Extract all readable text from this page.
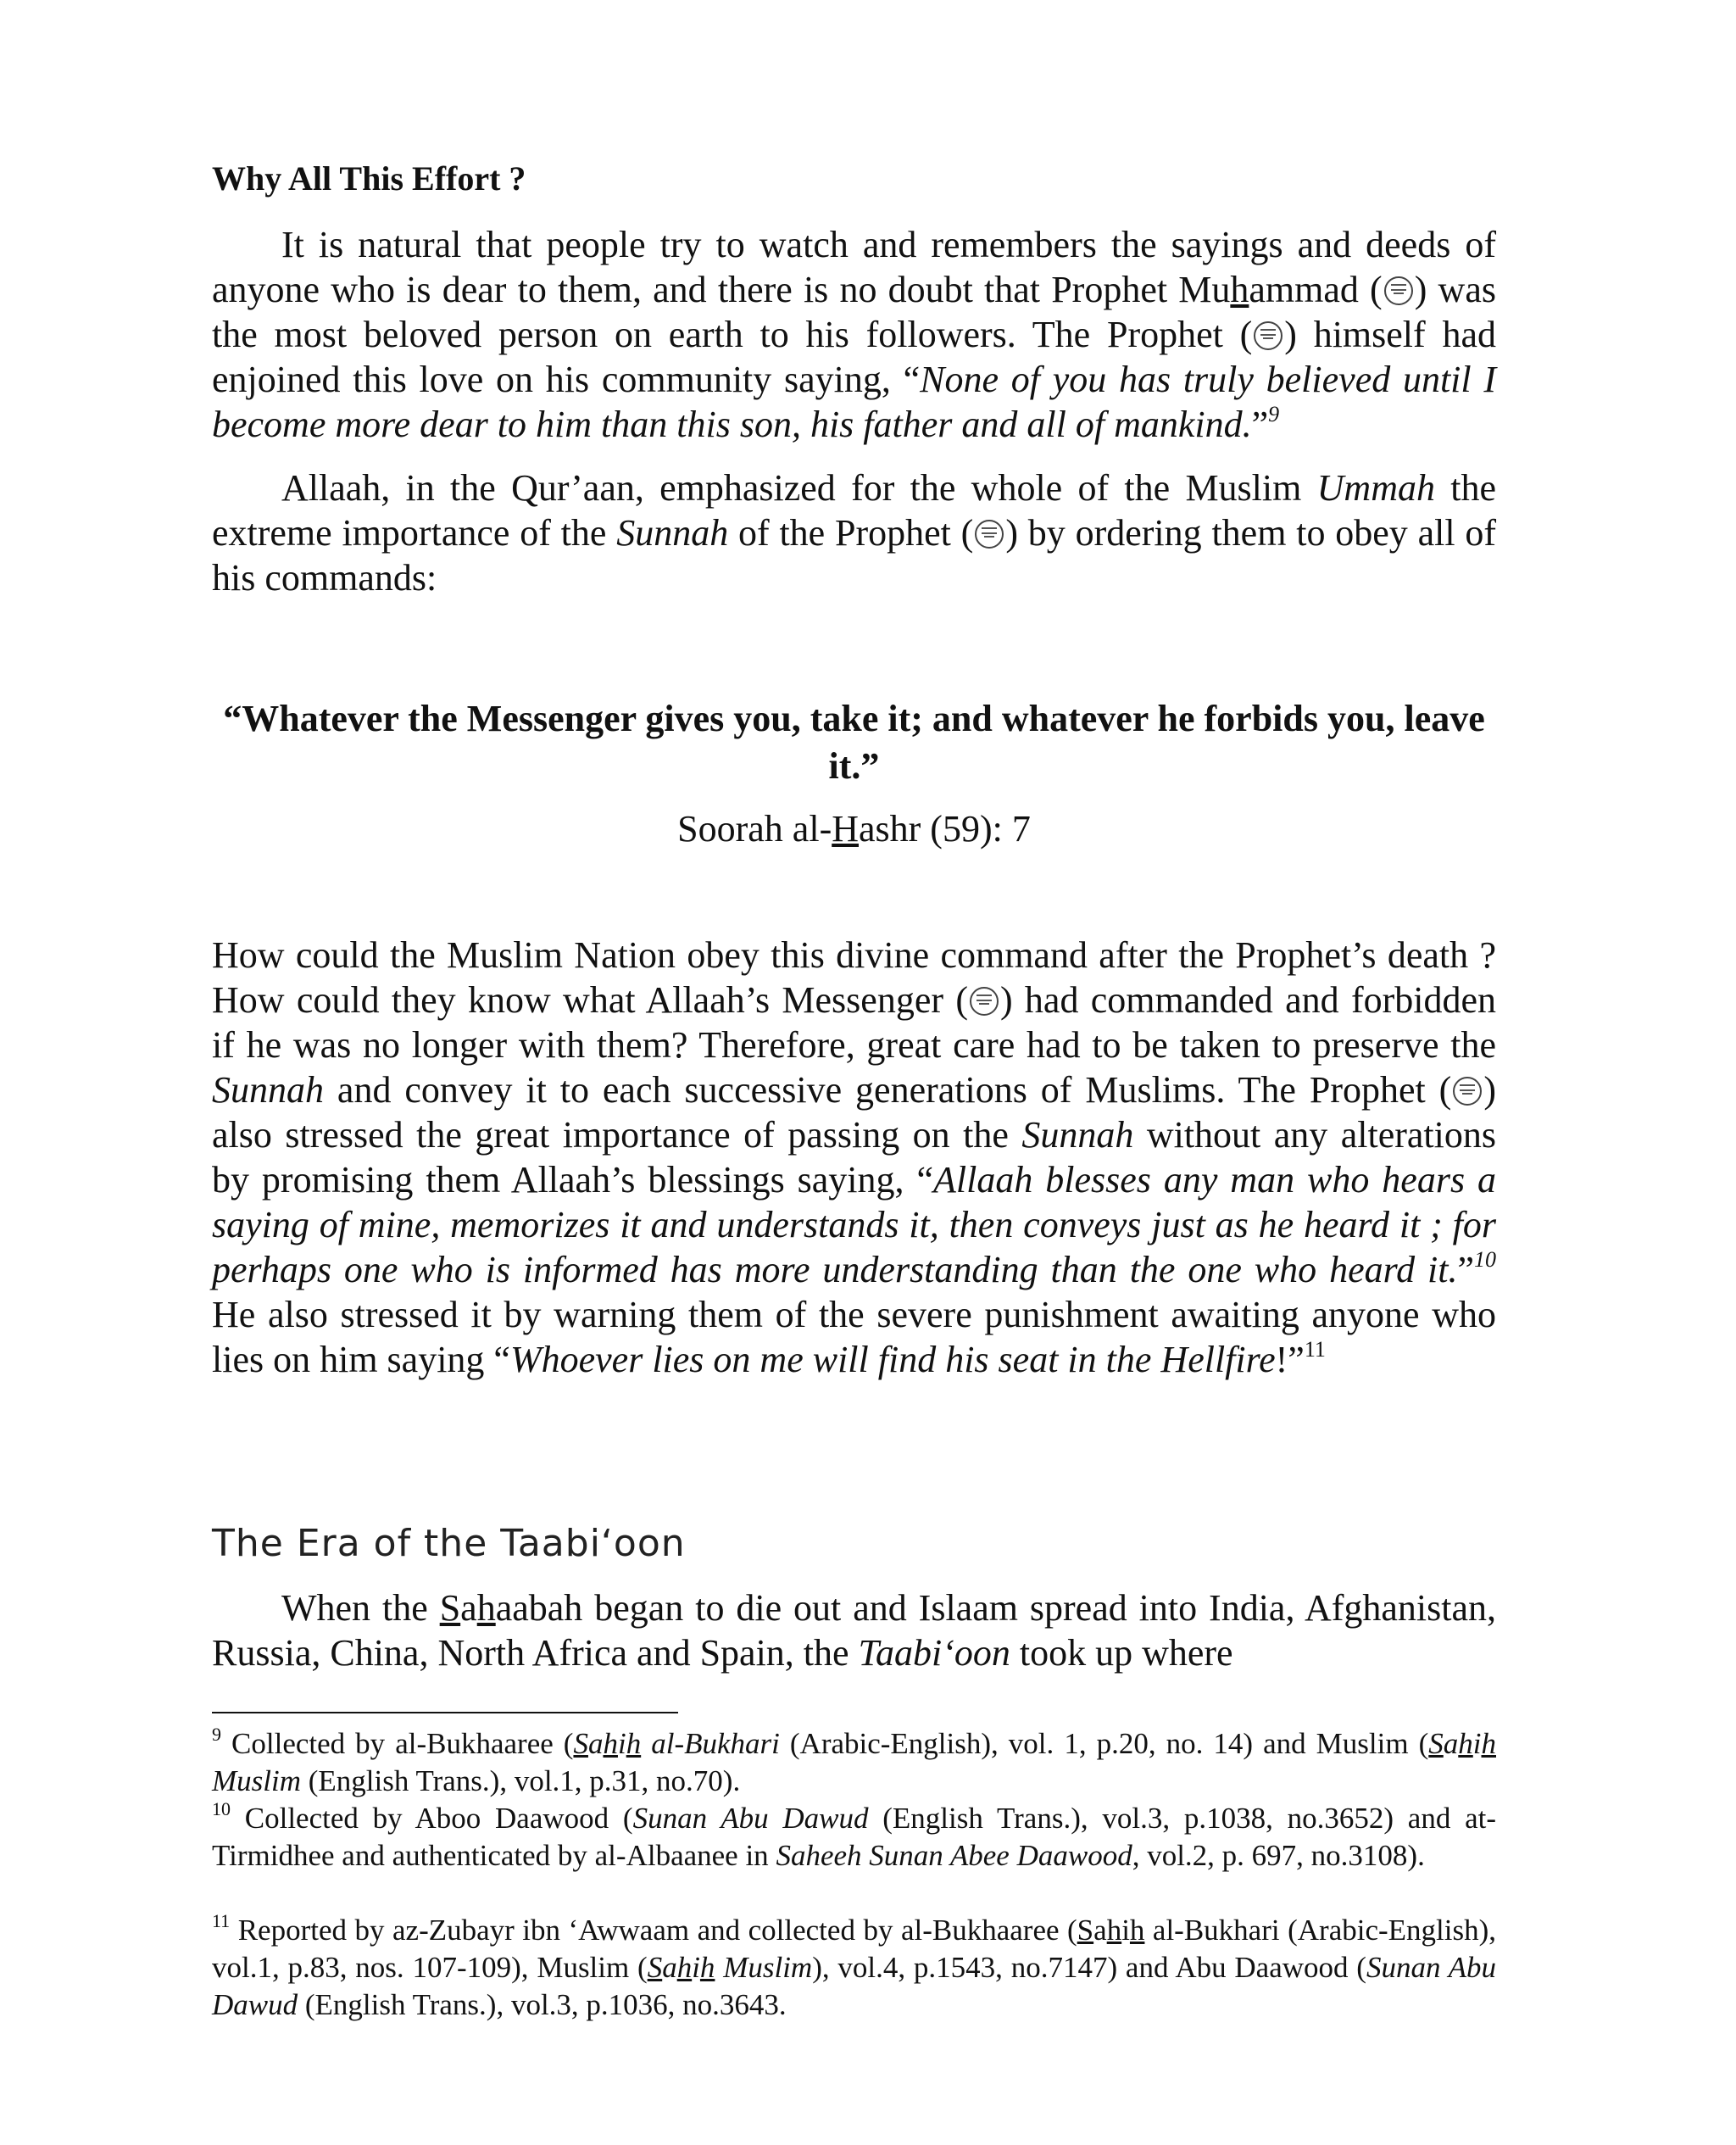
Why All This Effort ?

It is natural that people try to watch and remembers the sayings and deeds of anyone who is dear to them, and there is no doubt that Prophet Muhammad ( ) was the most beloved person on earth to his followers. The Prophet ( ) himself had enjoined this love on his community saying, “None of you has truly believed until I become more dear to him than this son, his father and all of mankind.”$^9$

Allaah, in the Qur’aan, emphasized for the whole of the Muslim Ummah the extreme importance of the Sunnah of the Prophet ( ) by ordering them to obey all of his commands:

“Whatever the Messenger gives you, take it; and whatever he forbids you, leave it.”
Soorah al-Hashr (59): 7

How could the Muslim Nation obey this divine command after the Prophet’s death ? How could they know what Allaah’s Messenger ( ) had commanded and forbidden if he was no longer with them? Therefore, great care had to be taken to preserve the Sunnah and convey it to each successive generations of Muslims. The Prophet ( ) also stressed the great importance of passing on the Sunnah without any alterations by promising them Allaah’s blessings saying, “Allaah blesses any man who hears a saying of mine, memorizes it and understands it, then conveys just as he heard it ; for perhaps one who is informed has more understanding than the one who heard it.”$^{10}$ He also stressed it by warning them of the severe punishment awaiting anyone who lies on him saying “Whoever lies on me will find his seat in the Hellfire!”$^{11}$

The Era of the Taabi‘oon

When the Sahaabah began to die out and Islaam spread into India, Afghanistan, Russia, China, North Africa and Spain, the Taabi‘oon took up where

$^9$ Collected by al-Bukhaaree (Sahih al-Bukhari (Arabic-English), vol. 1, p.20, no. 14) and Muslim (Sahih Muslim (English Trans.), vol.1, p.31, no.70).
$^{10}$ Collected by Aboo Daawood (Sunan Abu Dawud (English Trans.), vol.3, p.1038, no.3652) and at-Tirmidhee and authenticated by al-Albaanee in Saheeh Sunan Abee Daawood, vol.2, p. 697, no.3108).
$^{11}$ Reported by az-Zubayr ibn ‘Awwaam and collected by al-Bukhaaree (Sahih al-Bukhari (Arabic-English), vol.1, p.83, nos. 107-109), Muslim (Sahih Muslim), vol.4, p.1543, no.7147) and Abu Daawood (Sunan Abu Dawud (English Trans.), vol.3, p.1036, no.3643.
